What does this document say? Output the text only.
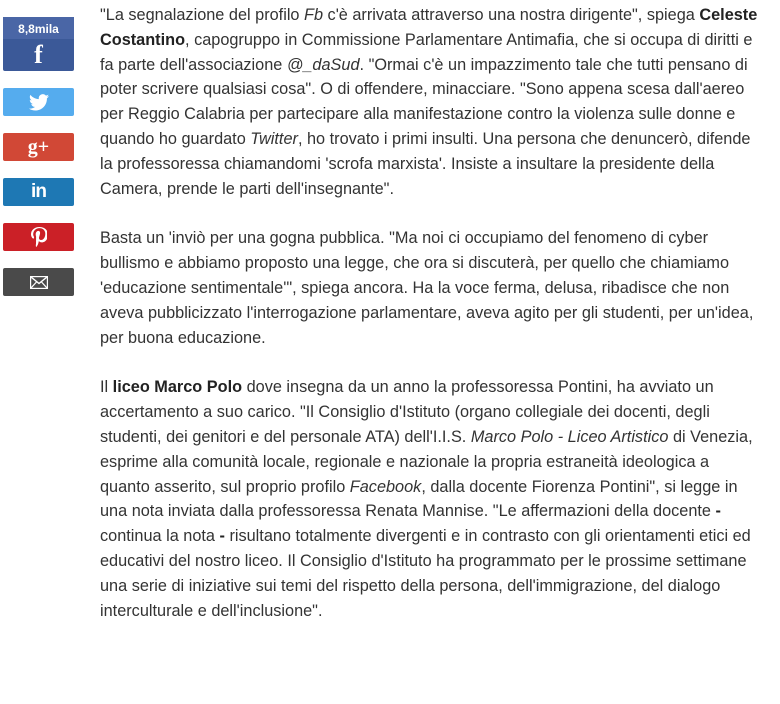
8,8mila
f
g+
in

"La segnalazione del profilo Fb c'è arrivata attraverso una nostra dirigente", spiega Celeste Costantino, capogruppo in Commissione Parlamentare Antimafia, che si occupa di diritti e fa parte dell'associazione @_daSud. "Ormai c'è un impazzimento tale che tutti pensano di poter scrivere qualsiasi cosa". O di offendere, minacciare. "Sono appena scesa dall'aereo per Reggio Calabria per partecipare alla manifestazione contro la violenza sulle donne e quando ho guardato Twitter, ho trovato i primi insulti. Una persona che denuncerò, difende la professoressa chiamandomi 'scrofa marxista'. Insiste a insultare la presidente della Camera, prende le parti dell'insegnante".

Basta un 'inviò per una gogna pubblica. "Ma noi ci occupiamo del fenomeno di cyber bullismo e abbiamo proposto una legge, che ora si discuterà, per quello che chiamiamo 'educazione sentimentale'", spiega ancora. Ha la voce ferma, delusa, ribadisce che non aveva pubblicizzato l'interrogazione parlamentare, aveva agito per gli studenti, per un'idea, per buona educazione.

Il liceo Marco Polo dove insegna da un anno la professoressa Pontini, ha avviato un accertamento a suo carico. "Il Consiglio d'Istituto (organo collegiale dei docenti, degli studenti, dei genitori e del personale ATA) dell'I.I.S. Marco Polo - Liceo Artistico di Venezia, esprime alla comunità locale, regionale e nazionale la propria estraneità ideologica a quanto asserito, sul proprio profilo Facebook, dalla docente Fiorenza Pontini", si legge in una nota inviata dalla professoressa Renata Mannise. "Le affermazioni della docente - continua la nota - risultano totalmente divergenti e in contrasto con gli orientamenti etici ed educativi del nostro liceo. Il Consiglio d'Istituto ha programmato per le prossime settimane una serie di iniziative sui temi del rispetto della persona, dell'immigrazione, del dialogo interculturale e dell'inclusione".
